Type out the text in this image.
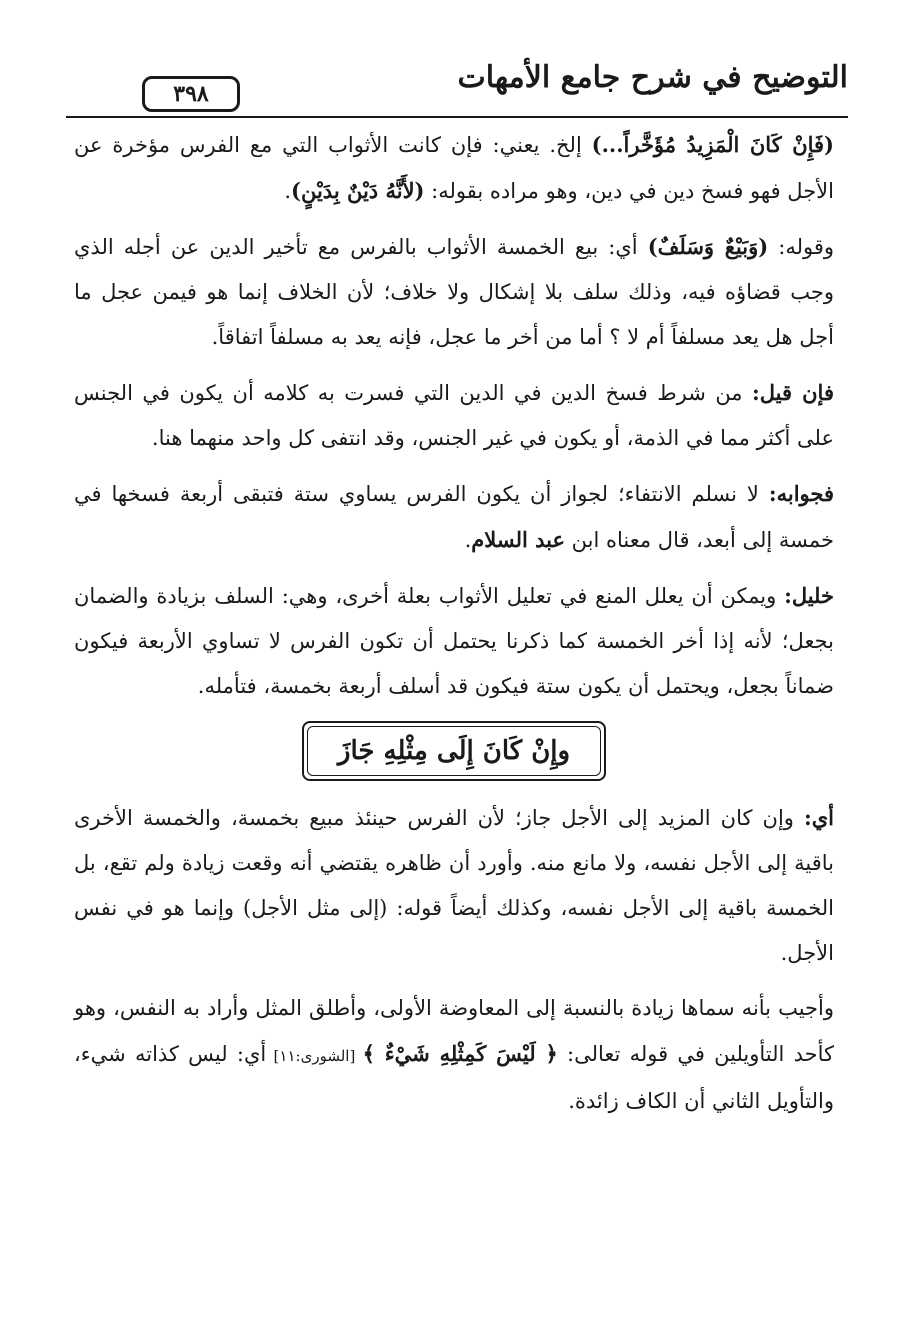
التوضيح في شرح جامع الأمهات
٣٩٨

(فَإِنْ كَانَ الْمَزِيدُ مُؤَخَّراً...) إلخ. يعني: فإن كانت الأثواب التي مع الفرس مؤخرة عن الأجل فهو فسخ دين في دين، وهو مراده بقوله: (لأَنَّهُ دَيْنٌ بِدَيْنٍ).

وقوله: (وَبَيْعٌ وَسَلَفٌ) أي: بيع الخمسة الأثواب بالفرس مع تأخير الدين عن أجله الذي وجب قضاؤه فيه، وذلك سلف بلا إشكال ولا خلاف؛ لأن الخلاف إنما هو فيمن عجل ما أجل هل يعد مسلفاً أم لا ؟ أما من أخر ما عجل، فإنه يعد به مسلفاً اتفاقاً.

فإن قيل: من شرط فسخ الدين في الدين التي فسرت به كلامه أن يكون في الجنس على أكثر مما في الذمة، أو يكون في غير الجنس، وقد انتفى كل واحد منهما هنا.

فجوابه: لا نسلم الانتفاء؛ لجواز أن يكون الفرس يساوي ستة فتبقى أربعة فسخها في خمسة إلى أبعد، قال معناه ابن عبد السلام.

خليل: ويمكن أن يعلل المنع في تعليل الأثواب بعلة أخرى، وهي: السلف بزيادة والضمان بجعل؛ لأنه إذا أخر الخمسة كما ذكرنا يحتمل أن تكون الفرس لا تساوي الأربعة فيكون ضماناً بجعل، ويحتمل أن يكون ستة فيكون قد أسلف أربعة بخمسة، فتأمله.

وإِنْ كَانَ إِلَى مِثْلِهِ جَازَ

أي: وإن كان المزيد إلى الأجل جاز؛ لأن الفرس حينئذ مبيع بخمسة، والخمسة الأخرى باقية إلى الأجل نفسه، ولا مانع منه. وأورد أن ظاهره يقتضي أنه وقعت زيادة ولم تقع، بل الخمسة باقية إلى الأجل نفسه، وكذلك أيضاً قوله: (إلى مثل الأجل) وإنما هو في نفس الأجل.

وأجيب بأنه سماها زيادة بالنسبة إلى المعاوضة الأولى، وأطلق المثل وأراد به النفس، وهو كأحد التأويلين في قوله تعالى: ﴿ لَيْسَ كَمِثْلِهِ شَيْءٌ ﴾ [الشورى:١١] أي: ليس كذاته شيء، والتأويل الثاني أن الكاف زائدة.
